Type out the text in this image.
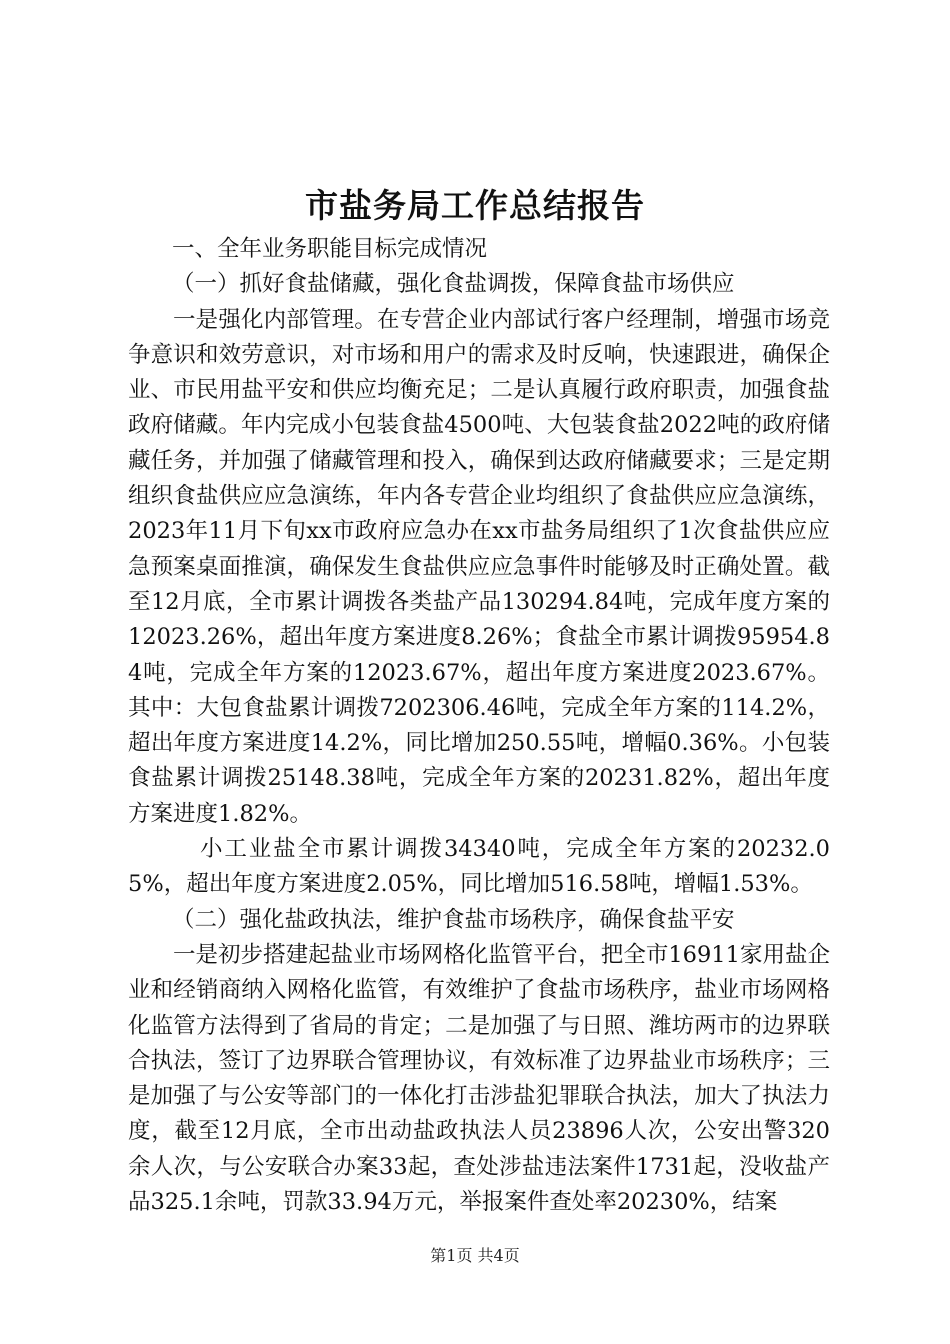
市盐务局工作总结报告

一、全年业务职能目标完成情况

（一）抓好食盐储藏，强化食盐调拨，保障食盐市场供应

一是强化内部管理。在专营企业内部试行客户经理制，增强市场竞争意识和效劳意识，对市场和用户的需求及时反响，快速跟进，确保企业、市民用盐平安和供应均衡充足；二是认真履行政府职责，加强食盐政府储藏。年内完成小包装食盐4500吨、大包装食盐2022吨的政府储藏任务，并加强了储藏管理和投入，确保到达政府储藏要求；三是定期组织食盐供应应急演练，年内各专营企业均组织了食盐供应应急演练，2023年11月下旬xx市政府应急办在xx市盐务局组织了1次食盐供应应急预案桌面推演，确保发生食盐供应应急事件时能够及时正确处置。截至12月底，全市累计调拨各类盐产品130294.84吨，完成年度方案的12023.26%，超出年度方案进度8.26%；食盐全市累计调拨95954.84吨，完成全年方案的12023.67%，超出年度方案进度2023.67%。其中：大包食盐累计调拨7202306.46吨，完成全年方案的114.2%，超出年度方案进度14.2%，同比增加250.55吨，增幅0.36%。小包装食盐累计调拨25148.38吨，完成全年方案的20231.82%，超出年度方案进度1.82%。

小工业盐全市累计调拨34340吨，完成全年方案的20232.05%，超出年度方案进度2.05%，同比增加516.58吨，增幅1.53%。

（二）强化盐政执法，维护食盐市场秩序，确保食盐平安

一是初步搭建起盐业市场网格化监管平台，把全市16911家用盐企业和经销商纳入网格化监管，有效维护了食盐市场秩序，盐业市场网格化监管方法得到了省局的肯定；二是加强了与日照、潍坊两市的边界联合执法，签订了边界联合管理协议，有效标准了边界盐业市场秩序；三是加强了与公安等部门的一体化打击涉盐犯罪联合执法，加大了执法力度，截至12月底，全市出动盐政执法人员23896人次，公安出警320余人次，与公安联合办案33起，查处涉盐违法案件1731起，没收盐产品325.1余吨，罚款33.94万元，举报案件查处率20230%，结案

第1页 共4页
